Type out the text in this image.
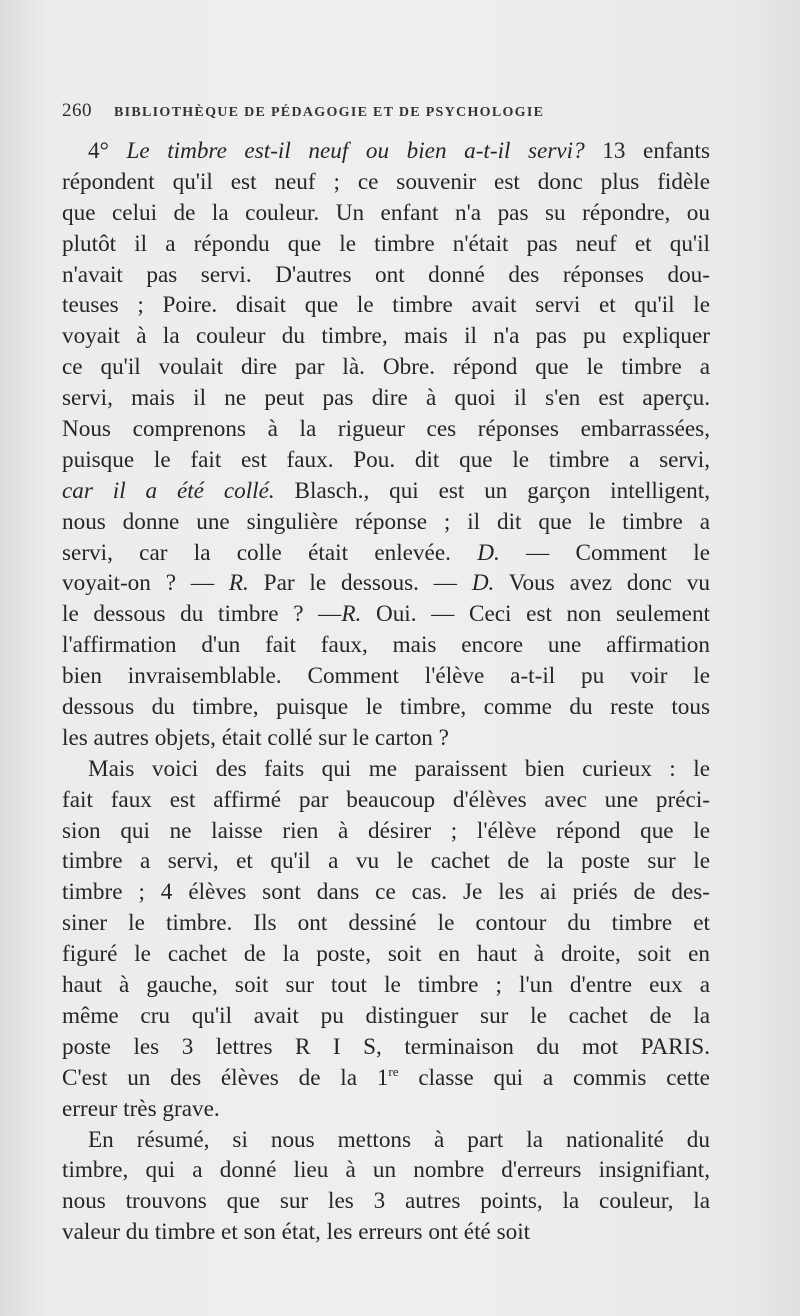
260 BIBLIOTHÈQUE DE PÉDAGOGIE ET DE PSYCHOLOGIE
4° Le timbre est-il neuf ou bien a-t-il servi? 13 enfants
répondent qu'il est neuf ; ce souvenir est donc plus fidèle
que celui de la couleur. Un enfant n'a pas su répondre, ou
plutôt il a répondu que le timbre n'était pas neuf et qu'il
n'avait pas servi. D'autres ont donné des réponses dou-
teuses ; Poire. disait que le timbre avait servi et qu'il le
voyait à la couleur du timbre, mais il n'a pas pu expliquer
ce qu'il voulait dire par là. Obre. répond que le timbre a
servi, mais il ne peut pas dire à quoi il s'en est aperçu.
Nous comprenons à la rigueur ces réponses embarrassées,
puisque le fait est faux. Pou. dit que le timbre a servi,
car il a été collé. Blasch., qui est un garçon intelligent,
nous donne une singulière réponse ; il dit que le timbre a
servi, car la colle était enlevée. D. — Comment le
voyait-on ? — R. Par le dessous. — D. Vous avez donc vu
le dessous du timbre ? —R. Oui. — Ceci est non seulement
l'affirmation d'un fait faux, mais encore une affirmation
bien invraisemblable. Comment l'élève a-t-il pu voir le
dessous du timbre, puisque le timbre, comme du reste tous
les autres objets, était collé sur le carton ?
Mais voici des faits qui me paraissent bien curieux : le
fait faux est affirmé par beaucoup d'élèves avec une préci-
sion qui ne laisse rien à désirer ; l'élève répond que le
timbre a servi, et qu'il a vu le cachet de la poste sur le
timbre ; 4 élèves sont dans ce cas. Je les ai priés de des-
siner le timbre. Ils ont dessiné le contour du timbre et
figuré le cachet de la poste, soit en haut à droite, soit en
haut à gauche, soit sur tout le timbre ; l'un d'entre eux a
même cru qu'il avait pu distinguer sur le cachet de la
poste les 3 lettres R I S, terminaison du mot PARIS.
C'est un des élèves de la 1re classe qui a commis cette
erreur très grave.
En résumé, si nous mettons à part la nationalité du
timbre, qui a donné lieu à un nombre d'erreurs insignifiant,
nous trouvons que sur les 3 autres points, la couleur, la
valeur du timbre et son état, les erreurs ont été soit
